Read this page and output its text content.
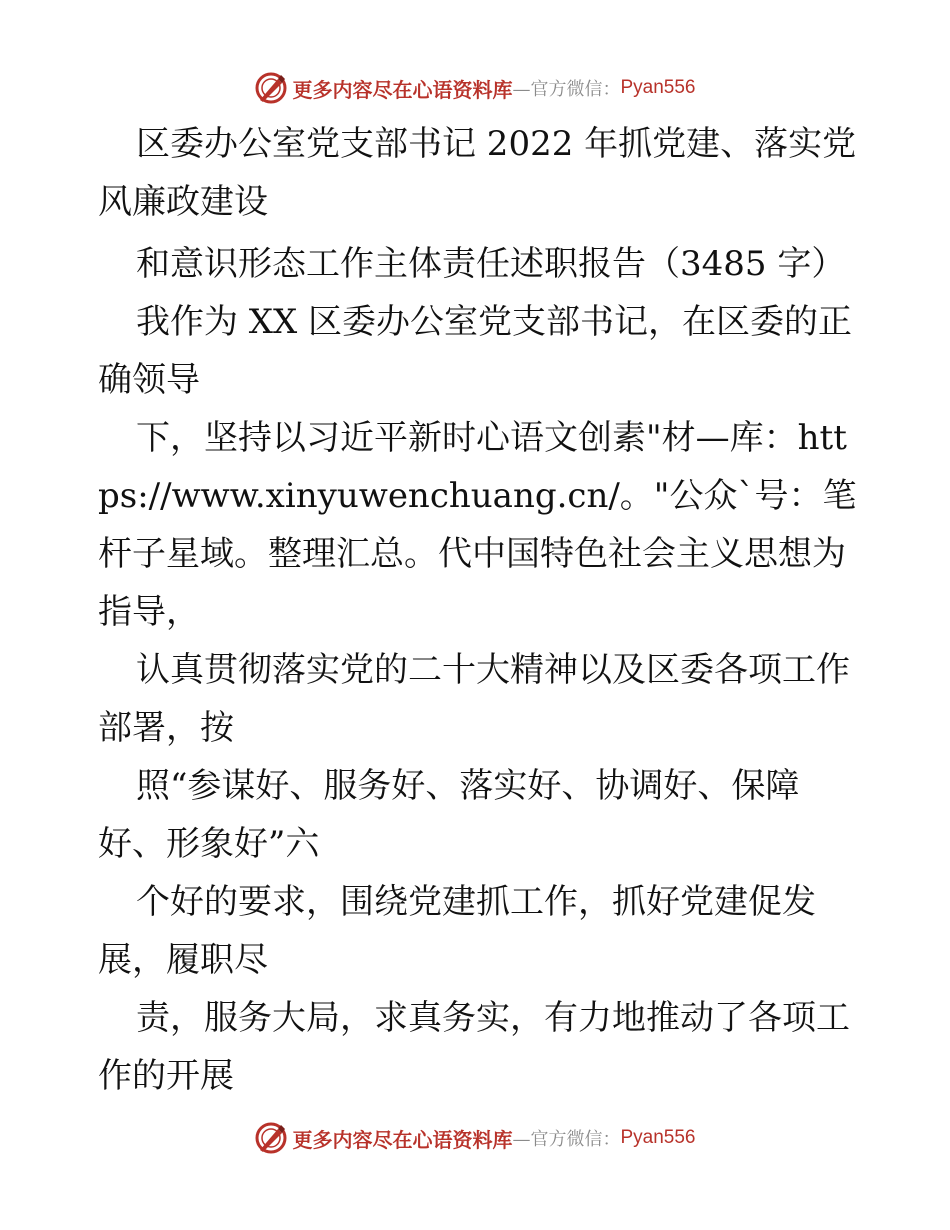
更多内容尽在心语资料库 —官方微信： Pyan556

区委办公室党支部书记 2022 年抓党建、落实党风廉政建设

和意识形态工作主体责任述职报告（3485 字）

我作为 XX 区委办公室党支部书记，在区委的正确领导

下，坚持以习近平新时心语文创素"材—库：https://www.xinyuwenchuang.cn/。"公众`号：笔杆子星域。整理汇总。代中国特色社会主义思想为指导，

认真贯彻落实党的二十大精神以及区委各项工作部署，按

照“参谋好、服务好、落实好、协调好、保障好、形象好”六

个好的要求，围绕党建抓工作，抓好党建促发展，履职尽

责，服务大局，求真务实，有力地推动了各项工作的开展

更多内容尽在心语资料库 —官方微信： Pyan556
